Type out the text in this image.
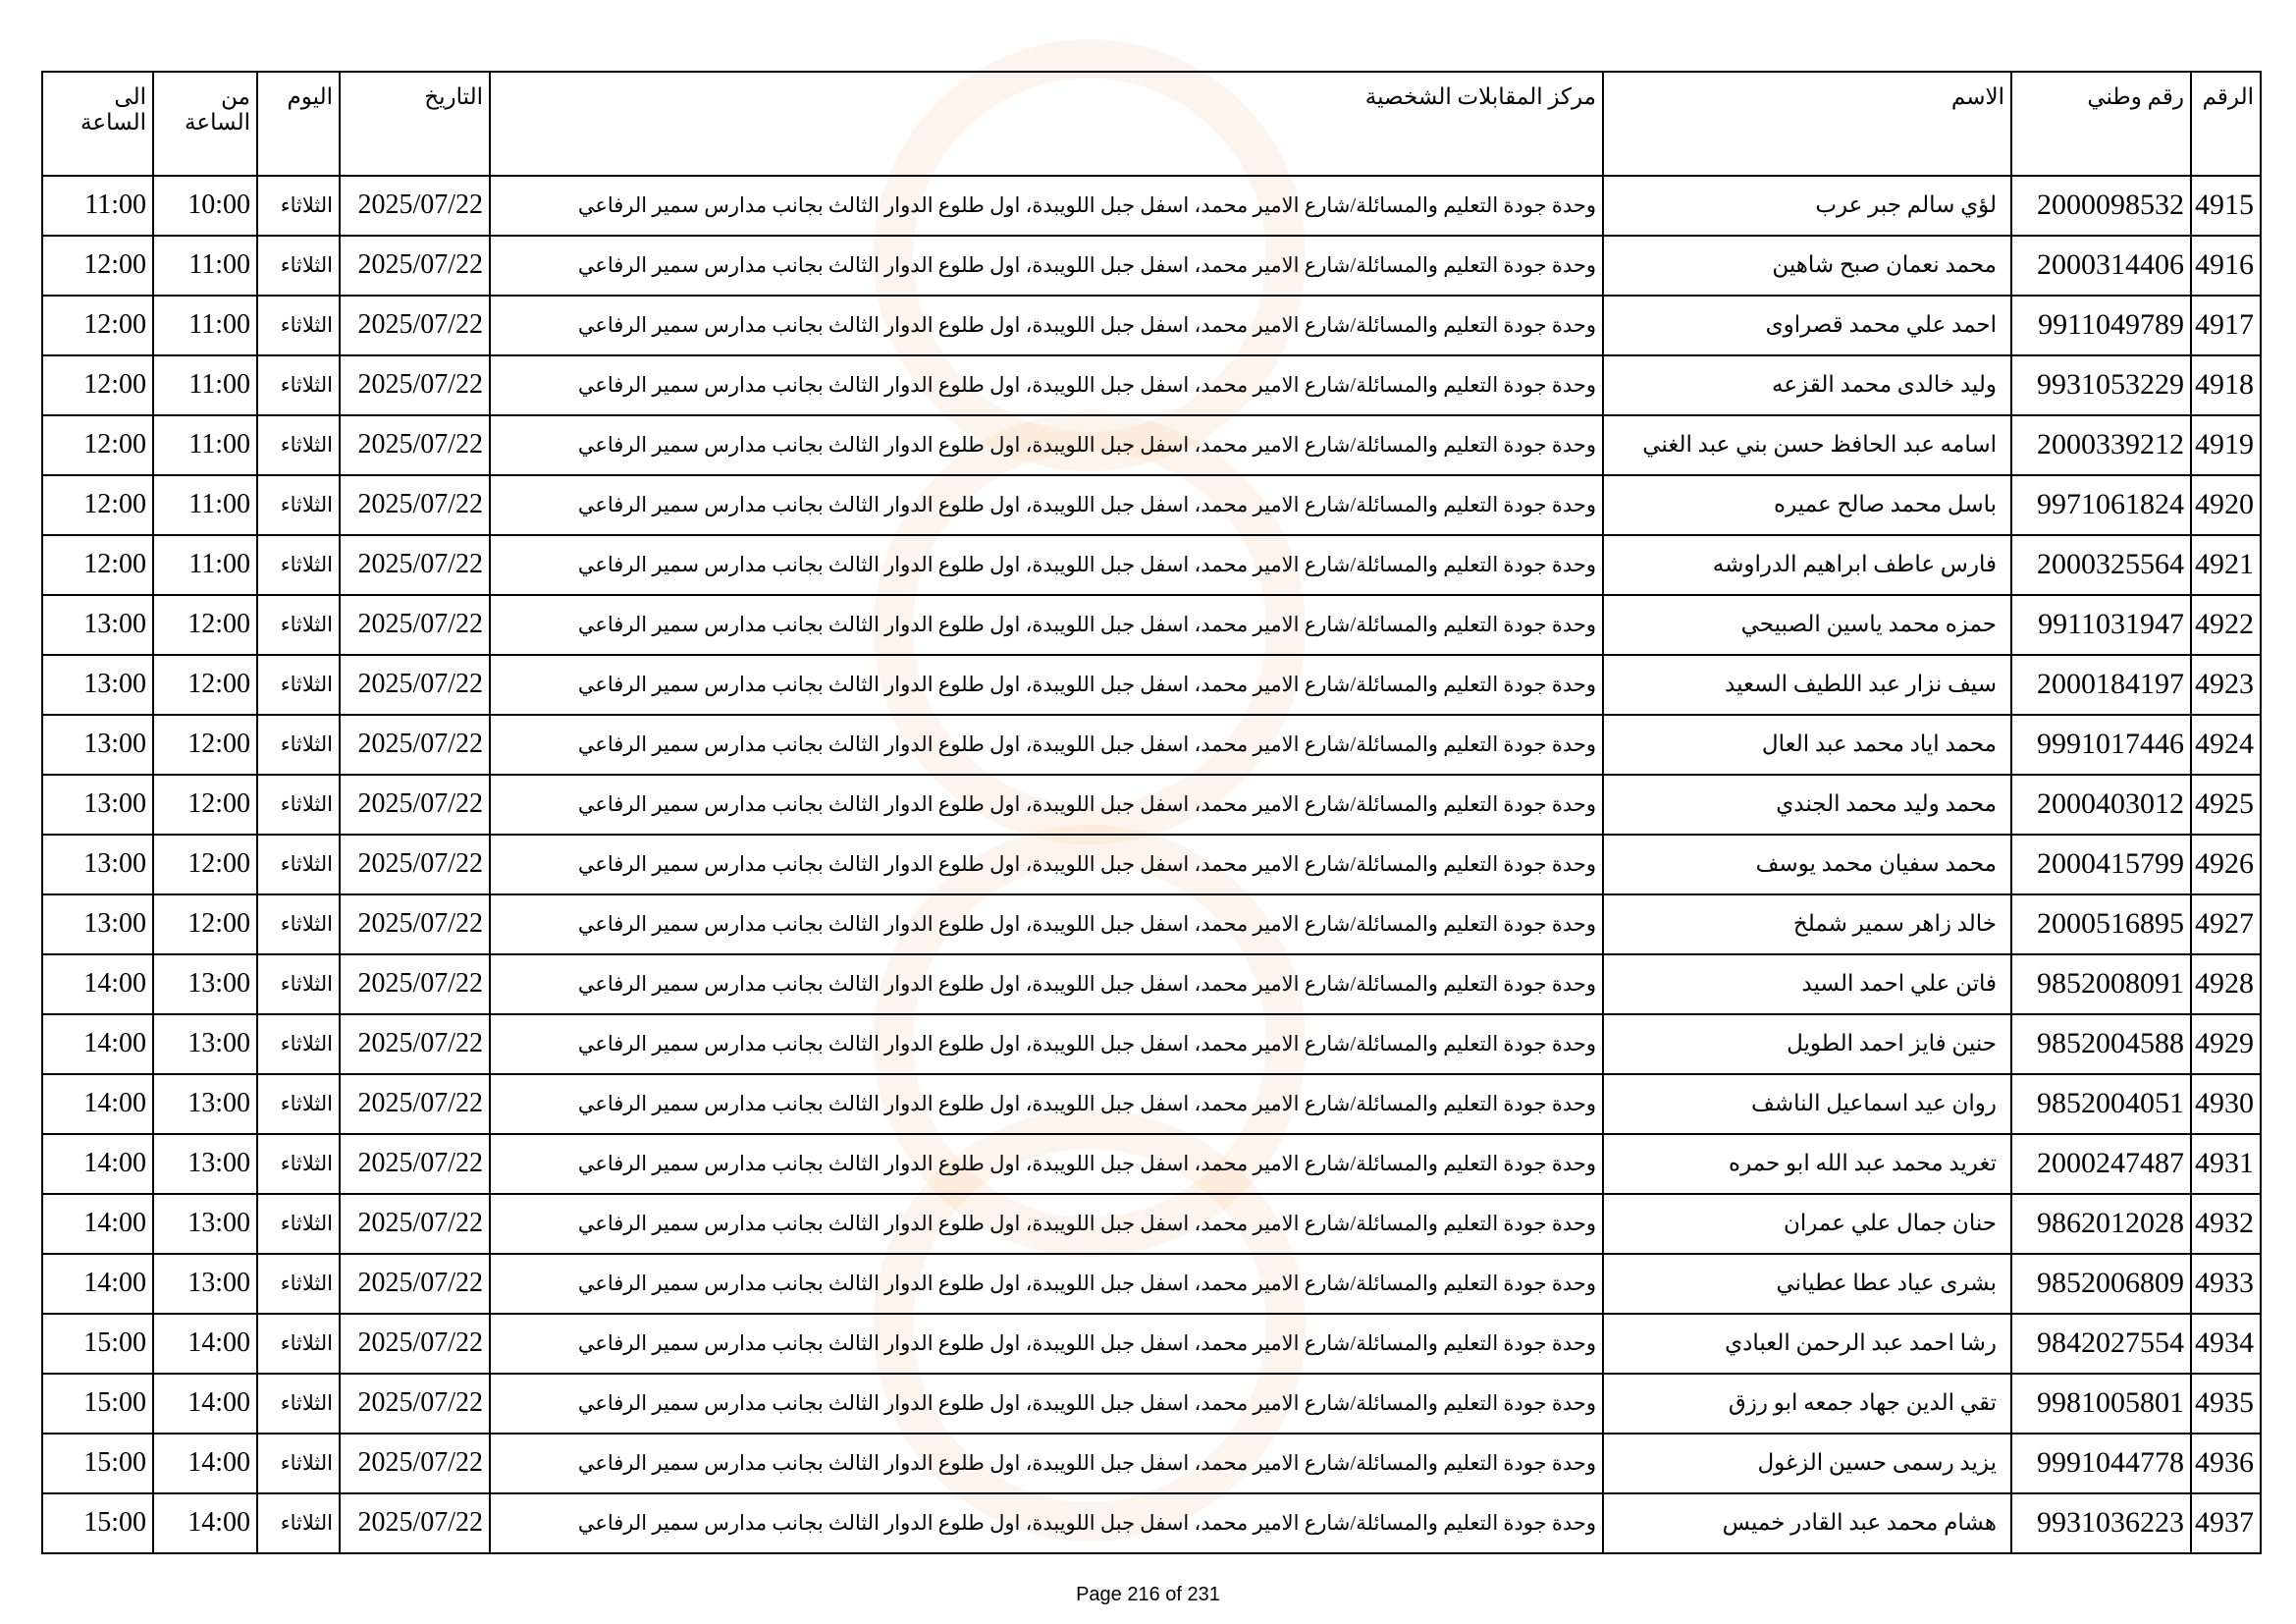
الرقم	رقم وطني	الاسم	مركز المقابلات الشخصية	التاريخ	اليوم	من الساعة	الى الساعة
4915	2000098532	لؤي سالم جبر عرب	وحدة جودة التعليم والمسائلة/شارع الامير محمد، اسفل جبل اللويبدة، اول طلوع الدوار الثالث بجانب مدارس سمير الرفاعي	2025/07/22	الثلاثاء	10:00	11:00
4916	2000314406	محمد نعمان صبح شاهين	وحدة جودة التعليم والمسائلة/شارع الامير محمد، اسفل جبل اللويبدة، اول طلوع الدوار الثالث بجانب مدارس سمير الرفاعي	2025/07/22	الثلاثاء	11:00	12:00
4917	9911049789	احمد علي محمد قصراوى	وحدة جودة التعليم والمسائلة/شارع الامير محمد، اسفل جبل اللويبدة، اول طلوع الدوار الثالث بجانب مدارس سمير الرفاعي	2025/07/22	الثلاثاء	11:00	12:00
4918	9931053229	وليد خالدى محمد القزعه	وحدة جودة التعليم والمسائلة/شارع الامير محمد، اسفل جبل اللويبدة، اول طلوع الدوار الثالث بجانب مدارس سمير الرفاعي	2025/07/22	الثلاثاء	11:00	12:00
4919	2000339212	اسامه عبد الحافظ حسن بني عبد الغني	وحدة جودة التعليم والمسائلة/شارع الامير محمد، اسفل جبل اللويبدة، اول طلوع الدوار الثالث بجانب مدارس سمير الرفاعي	2025/07/22	الثلاثاء	11:00	12:00
4920	9971061824	باسل محمد صالح عميره	وحدة جودة التعليم والمسائلة/شارع الامير محمد، اسفل جبل اللويبدة، اول طلوع الدوار الثالث بجانب مدارس سمير الرفاعي	2025/07/22	الثلاثاء	11:00	12:00
4921	2000325564	فارس عاطف ابراهيم الدراوشه	وحدة جودة التعليم والمسائلة/شارع الامير محمد، اسفل جبل اللويبدة، اول طلوع الدوار الثالث بجانب مدارس سمير الرفاعي	2025/07/22	الثلاثاء	11:00	12:00
4922	9911031947	حمزه محمد ياسين الصبيحي	وحدة جودة التعليم والمسائلة/شارع الامير محمد، اسفل جبل اللويبدة، اول طلوع الدوار الثالث بجانب مدارس سمير الرفاعي	2025/07/22	الثلاثاء	12:00	13:00
4923	2000184197	سيف نزار عبد اللطيف السعيد	وحدة جودة التعليم والمسائلة/شارع الامير محمد، اسفل جبل اللويبدة، اول طلوع الدوار الثالث بجانب مدارس سمير الرفاعي	2025/07/22	الثلاثاء	12:00	13:00
4924	9991017446	محمد اياد محمد عبد العال	وحدة جودة التعليم والمسائلة/شارع الامير محمد، اسفل جبل اللويبدة، اول طلوع الدوار الثالث بجانب مدارس سمير الرفاعي	2025/07/22	الثلاثاء	12:00	13:00
4925	2000403012	محمد وليد محمد الجندي	وحدة جودة التعليم والمسائلة/شارع الامير محمد، اسفل جبل اللويبدة، اول طلوع الدوار الثالث بجانب مدارس سمير الرفاعي	2025/07/22	الثلاثاء	12:00	13:00
4926	2000415799	محمد سفيان محمد يوسف	وحدة جودة التعليم والمسائلة/شارع الامير محمد، اسفل جبل اللويبدة، اول طلوع الدوار الثالث بجانب مدارس سمير الرفاعي	2025/07/22	الثلاثاء	12:00	13:00
4927	2000516895	خالد زاهر سمير شملخ	وحدة جودة التعليم والمسائلة/شارع الامير محمد، اسفل جبل اللويبدة، اول طلوع الدوار الثالث بجانب مدارس سمير الرفاعي	2025/07/22	الثلاثاء	12:00	13:00
4928	9852008091	فاتن علي احمد السيد	وحدة جودة التعليم والمسائلة/شارع الامير محمد، اسفل جبل اللويبدة، اول طلوع الدوار الثالث بجانب مدارس سمير الرفاعي	2025/07/22	الثلاثاء	13:00	14:00
4929	9852004588	حنين فايز احمد الطويل	وحدة جودة التعليم والمسائلة/شارع الامير محمد، اسفل جبل اللويبدة، اول طلوع الدوار الثالث بجانب مدارس سمير الرفاعي	2025/07/22	الثلاثاء	13:00	14:00
4930	9852004051	روان عيد اسماعيل الناشف	وحدة جودة التعليم والمسائلة/شارع الامير محمد، اسفل جبل اللويبدة، اول طلوع الدوار الثالث بجانب مدارس سمير الرفاعي	2025/07/22	الثلاثاء	13:00	14:00
4931	2000247487	تغريد محمد عبد الله ابو حمره	وحدة جودة التعليم والمسائلة/شارع الامير محمد، اسفل جبل اللويبدة، اول طلوع الدوار الثالث بجانب مدارس سمير الرفاعي	2025/07/22	الثلاثاء	13:00	14:00
4932	9862012028	حنان جمال علي عمران	وحدة جودة التعليم والمسائلة/شارع الامير محمد، اسفل جبل اللويبدة، اول طلوع الدوار الثالث بجانب مدارس سمير الرفاعي	2025/07/22	الثلاثاء	13:00	14:00
4933	9852006809	بشرى عياد عطا عطياني	وحدة جودة التعليم والمسائلة/شارع الامير محمد، اسفل جبل اللويبدة، اول طلوع الدوار الثالث بجانب مدارس سمير الرفاعي	2025/07/22	الثلاثاء	13:00	14:00
4934	9842027554	رشا احمد عبد الرحمن العبادي	وحدة جودة التعليم والمسائلة/شارع الامير محمد، اسفل جبل اللويبدة، اول طلوع الدوار الثالث بجانب مدارس سمير الرفاعي	2025/07/22	الثلاثاء	14:00	15:00
4935	9981005801	تقي الدين جهاد جمعه ابو رزق	وحدة جودة التعليم والمسائلة/شارع الامير محمد، اسفل جبل اللويبدة، اول طلوع الدوار الثالث بجانب مدارس سمير الرفاعي	2025/07/22	الثلاثاء	14:00	15:00
4936	9991044778	يزيد رسمى حسين الزغول	وحدة جودة التعليم والمسائلة/شارع الامير محمد، اسفل جبل اللويبدة، اول طلوع الدوار الثالث بجانب مدارس سمير الرفاعي	2025/07/22	الثلاثاء	14:00	15:00
4937	9931036223	هشام محمد عبد القادر خميس	وحدة جودة التعليم والمسائلة/شارع الامير محمد، اسفل جبل اللويبدة، اول طلوع الدوار الثالث بجانب مدارس سمير الرفاعي	2025/07/22	الثلاثاء	14:00	15:00
Page 216 of 231
